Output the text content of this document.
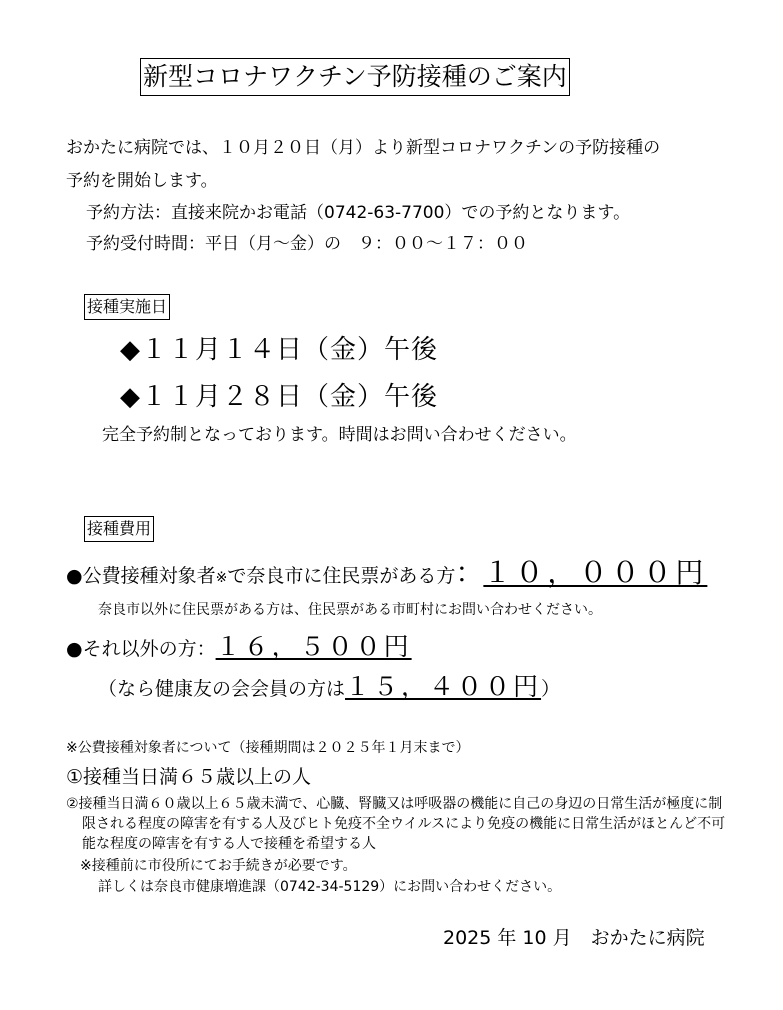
新型コロナワクチン予防接種のご案内
おかたに病院では、１０月２０日（月）より新型コロナワクチンの予防接種の
予約を開始します。
予約方法：直接来院かお電話（0742-63-7700）での予約となります。
予約受付時間：平日（月～金）の　９：００～１７：００
接種実施日
◆１１月１４日（金）午後
◆１１月２８日（金）午後
完全予約制となっております。時間はお問い合わせください。
接種費用
●公費接種対象者※で奈良市に住民票がある方：１０，０００円
奈良市以外に住民票がある方は、住民票がある市町村にお問い合わせください。
●それ以外の方：１６，５００円
（なら健康友の会会員の方は１５，４００円）
※公費接種対象者について（接種期間は２０２５年１月末まで）
①接種当日満６５歳以上の人
②接種当日満６０歳以上６５歳未満で、心臓、腎臓又は呼吸器の機能に自己の身辺の日常生活が極度に制限される程度の障害を有する人及びヒト免疫不全ウイルスにより免疫の機能に日常生活がほとんど不可能な程度の障害を有する人で接種を希望する人
※接種前に市役所にてお手続きが必要です。
詳しくは奈良市健康増進課（0742-34-5129）にお問い合わせください。
2025 年 10 月　おかたに病院
